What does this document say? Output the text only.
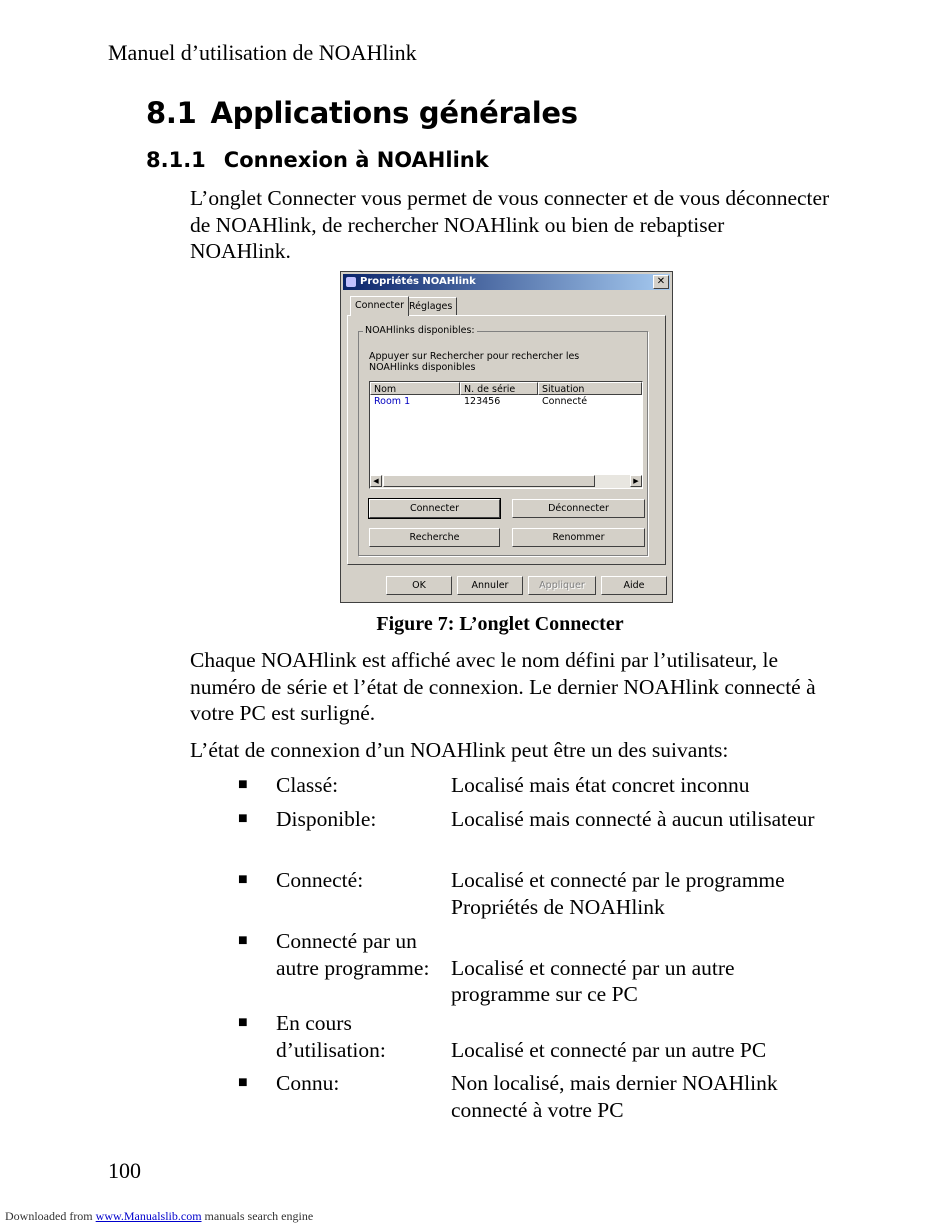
Manuel d’utilisation de NOAHlink
8.1 Applications générales
8.1.1 Connexion à NOAHlink
L’onglet Connecter vous permet de vous connecter et de vous déconnecter de NOAHlink, de rechercher NOAHlink ou bien de rebaptiser NOAHlink.
Propriétés NOAHlink	✕
Connecter Réglages
NOAHlinks disponibles:
Appuyer sur Rechercher pour rechercher les NOAHlinks disponibles
Nom	N. de série	Situation
Room 1	123456	Connecté
◀	▶
Connecter	Déconnecter
Recherche	Renommer
OK	Annuler	Appliquer	Aide
Figure 7: L’onglet Connecter
Chaque NOAHlink est affiché avec le nom défini par l’utilisateur, le numéro de série et l’état de connexion. Le dernier NOAHlink connecté à votre PC est surligné.
L’état de connexion d’un NOAHlink peut être un des suivants:
■ Classé:	Localisé mais état concret inconnu
■ Disponible:	Localisé mais connecté à aucun utilisateur
■ Connecté:	Localisé et connecté par le programme Propriétés de NOAHlink
■ Connecté par un autre programme:	Localisé et connecté par un autre programme sur ce PC
■ En cours d’utilisation:	Localisé et connecté par un autre PC
■ Connu:	Non localisé, mais dernier NOAHlink connecté à votre PC
100
Downloaded from www.Manualslib.com manuals search engine
